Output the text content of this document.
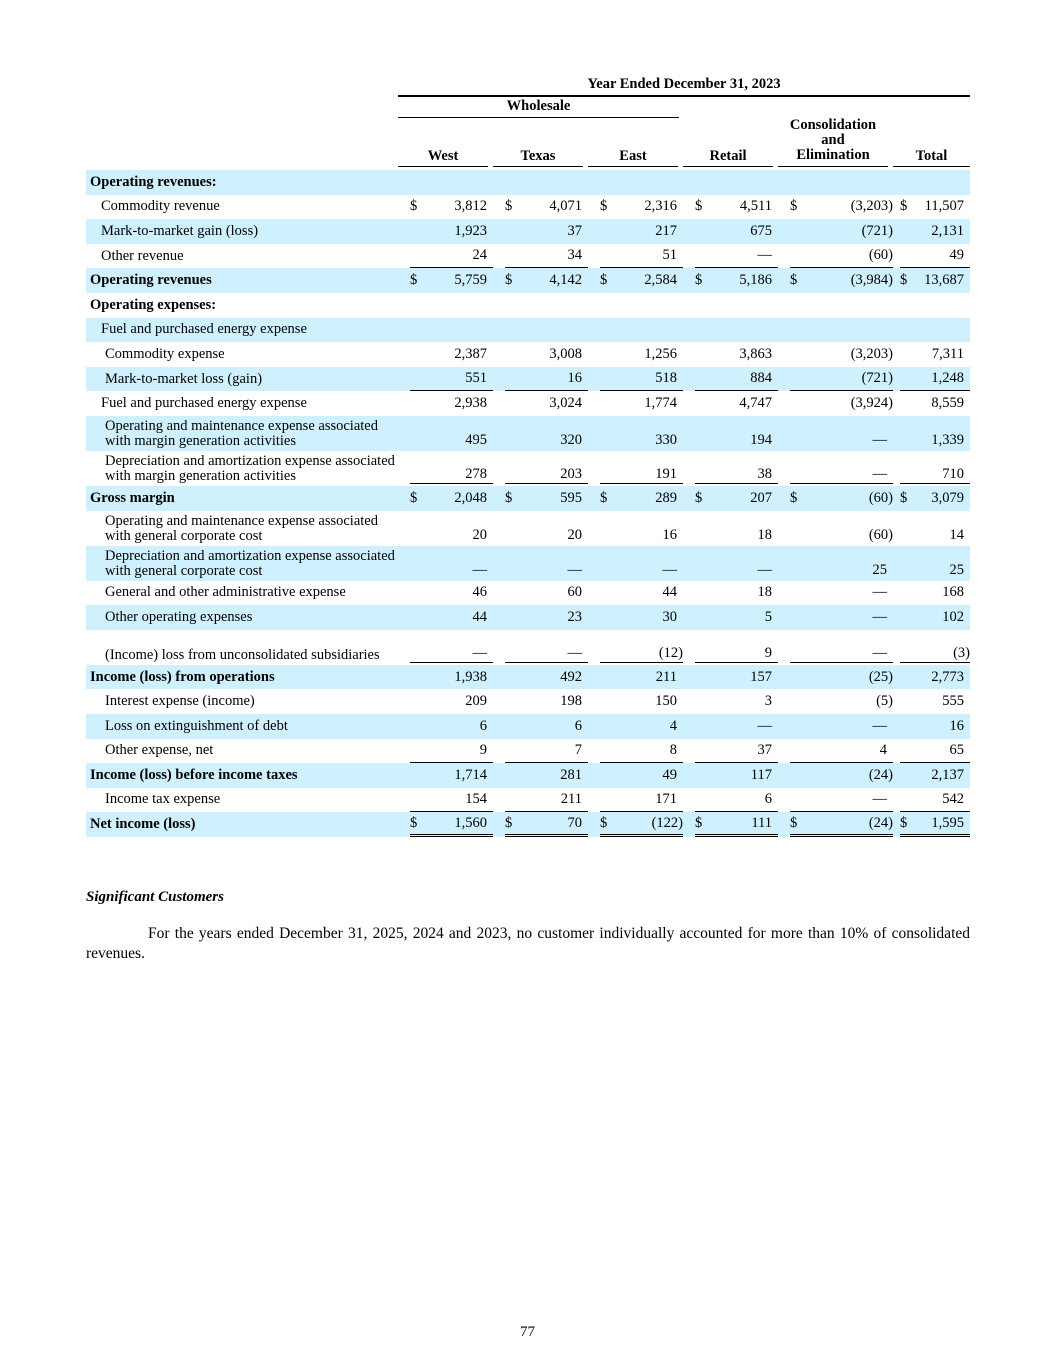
Year Ended December 31, 2023
Wholesale
West	Texas	East	Retail
Consolidation
and
Elimination	Total
Operating revenues:
Commodity revenue	$	3,812 $	4,071 $	2,316 $	4,511 $	(3,203) $ 11,507
Mark-to-market gain (loss)	1,923	37	217	675	(721)	2,131
Other revenue	24	34	51	—	(60)	49
Operating revenues	$	5,759 $	4,142 $	2,584 $	5,186 $	(3,984) $ 13,687
Operating expenses:
Fuel and purchased energy expense
Commodity expense	2,387	3,008	1,256	3,863	(3,203)	7,311
Mark-to-market loss (gain)	551	16	518	884	(721)	1,248
Fuel and purchased energy expense	2,938	3,024	1,774	4,747	(3,924)	8,559
Operating and maintenance expense associated with margin generation activities	495	320	330	194	—	1,339
Depreciation and amortization expense associated with margin generation activities	278	203	191	38	—	710
Gross margin	$	2,048 $	595 $	289 $	207 $	(60) $ 3,079
Operating and maintenance expense associated with general corporate cost	20	20	16	18	(60)	14
Depreciation and amortization expense associated with general corporate cost	—	—	—	—	25	25
General and other administrative expense	46	60	44	18	—	168
Other operating expenses	44	23	30	5	—	102
(Income) loss from unconsolidated subsidiaries	—	—	(12)	9	—	(3)
Income (loss) from operations	1,938	492	211	157	(25)	2,773
Interest expense (income)	209	198	150	3	(5)	555
Loss on extinguishment of debt	6	6	4	—	—	16
Other expense, net	9	7	8	37	4	65
Income (loss) before income taxes	1,714	281	49	117	(24)	2,137
Income tax expense	154	211	171	6	—	542
Net income (loss)	$	1,560 $	70 $	(122) $	111 $	(24) $ 1,595
Significant Customers
For the years ended December 31, 2025, 2024 and 2023, no customer individually accounted for more than 10% of consolidated revenues.
77
